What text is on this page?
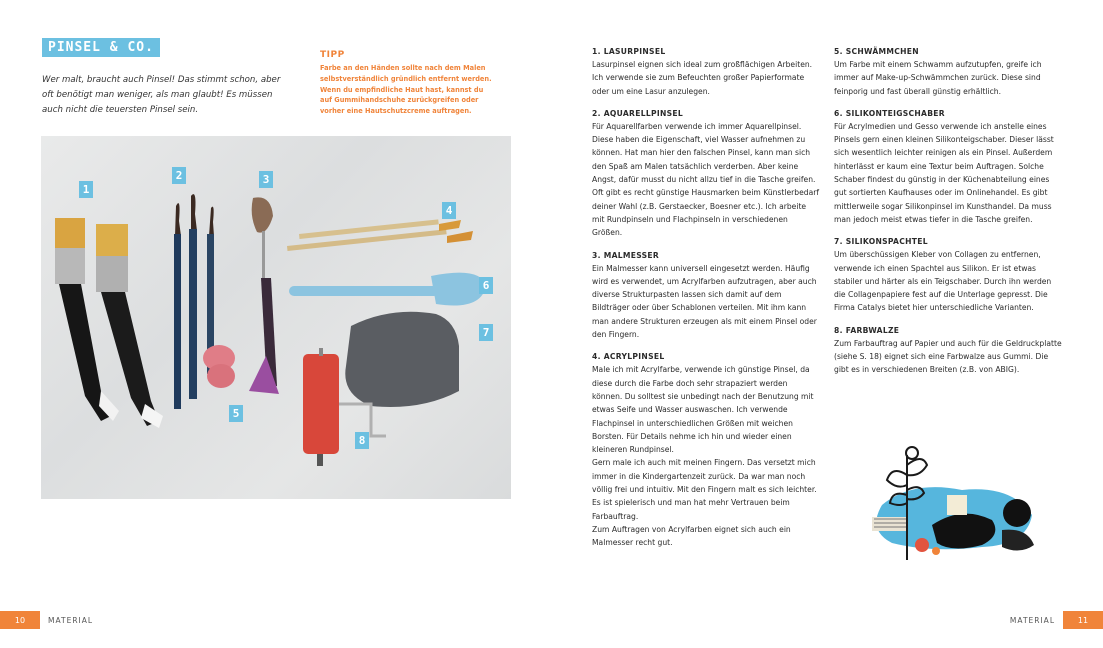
PINSEL & CO.
Wer malt, braucht auch Pinsel! Das stimmt schon, aber oft benötigt man weniger, als man glaubt! Es müssen auch nicht die teuersten Pinsel sein.
TIPP
Farbe an den Händen sollte nach dem Malen selbstverständlich gründlich entfernt werden. Wenn du empfindliche Haut hast, kannst du auf Gummihandschuhe zurückgreifen oder vorher eine Hautschutzcreme auftragen.
1
2	3
4
5
6
7
8
10	MATERIAL
1. LASURPINSEL

Lasurpinsel eignen sich ideal zum großflächigen Arbeiten. Ich verwende sie zum Befeuchten großer Papierformate oder um eine Lasur anzulegen.

2. AQUARELLPINSEL

Für Aquarellfarben verwende ich immer Aquarellpinsel. Diese haben die Eigenschaft, viel Wasser aufnehmen zu können. Hat man hier den falschen Pinsel, kann man sich den Spaß am Malen tatsächlich verderben. Aber keine Angst, dafür musst du nicht allzu tief in die Tasche greifen. Oft gibt es recht günstige Hausmarken beim Künstlerbedarf deiner Wahl (z.B. Gerstaecker, Boesner etc.). Ich arbeite mit Rundpinseln und Flachpinseln in verschiedenen Größen.

3. MALMESSER

Ein Malmesser kann universell eingesetzt werden. Häufig wird es verwendet, um Acrylfarben aufzutragen, aber auch diverse Strukturpasten lassen sich damit auf dem Bildträger oder über Schablonen verteilen. Mit ihm kann man andere Strukturen erzeugen als mit einem Pinsel oder den Fingern.

4. ACRYLPINSEL

Male ich mit Acrylfarbe, verwende ich günstige Pinsel, da diese durch die Farbe doch sehr strapaziert werden können. Du solltest sie unbedingt nach der Benutzung mit etwas Seife und Wasser auswaschen. Ich verwende Flachpinsel in unterschiedlichen Größen mit weichen Borsten. Für Details nehme ich hin und wieder einen kleineren Rundpinsel.

Gern male ich auch mit meinen Fingern. Das versetzt mich immer in die Kindergartenzeit zurück. Da war man noch völlig frei und intuitiv. Mit den Fingern malt es sich leichter. Es ist spielerisch und man hat mehr Vertrauen beim Farbauftrag.

Zum Auftragen von Acrylfarben eignet sich auch ein Malmesser recht gut.

5. SCHWÄMMCHEN

Um Farbe mit einem Schwamm aufzutupfen, greife ich immer auf Make-up-Schwämmchen zurück. Diese sind feinporig und fast überall günstig erhältlich.

6. SILIKONTEIGSCHABER

Für Acrylmedien und Gesso verwende ich anstelle eines Pinsels gern einen kleinen Silikonteigschaber. Dieser lässt sich wesentlich leichter reinigen als ein Pinsel. Außerdem hinterlässt er kaum eine Textur beim Auftragen. Solche Schaber findest du günstig in der Küchenabteilung eines gut sortierten Kaufhauses oder im Onlinehandel. Es gibt mittlerweile sogar Silikonpinsel im Kunsthandel. Da muss man jedoch meist etwas tiefer in die Tasche greifen.

7. SILIKONSPACHTEL

Um überschüssigen Kleber von Collagen zu entfernen, verwende ich einen Spachtel aus Silikon. Er ist etwas stabiler und härter als ein Teigschaber. Durch ihn werden die Collagenpapiere fest auf die Unterlage gepresst. Die Firma Catalys bietet hier unterschiedliche Varianten.

8. FARBWALZE

Zum Farbauftrag auf Papier und auch für die Geldruckplatte (siehe S. 18) eignet sich eine Farbwalze aus Gummi. Die gibt es in verschiedenen Breiten (z.B. von ABIG).

MATERIAL	11
